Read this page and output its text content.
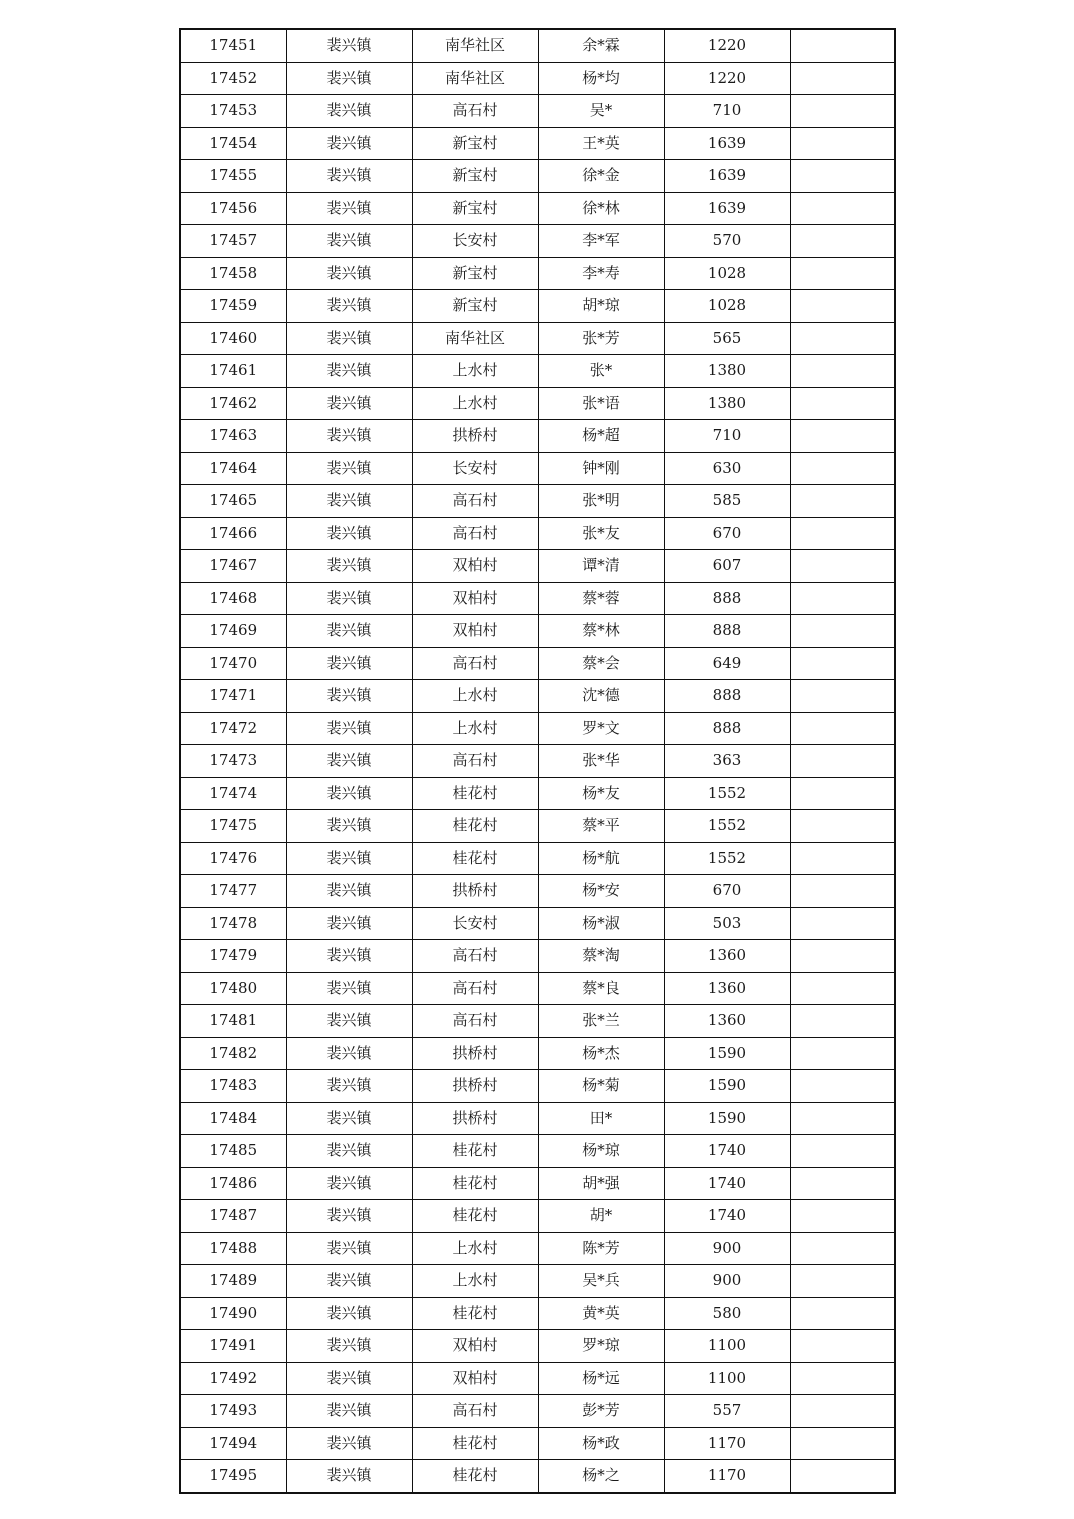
17451	裴兴镇	南华社区	余*霖	1220	
17452	裴兴镇	南华社区	杨*均	1220	
17453	裴兴镇	高石村	吴*	710	
17454	裴兴镇	新宝村	王*英	1639	
17455	裴兴镇	新宝村	徐*金	1639	
17456	裴兴镇	新宝村	徐*林	1639	
17457	裴兴镇	长安村	李*军	570	
17458	裴兴镇	新宝村	李*寿	1028	
17459	裴兴镇	新宝村	胡*琼	1028	
17460	裴兴镇	南华社区	张*芳	565	
17461	裴兴镇	上水村	张*	1380	
17462	裴兴镇	上水村	张*语	1380	
17463	裴兴镇	拱桥村	杨*超	710	
17464	裴兴镇	长安村	钟*刚	630	
17465	裴兴镇	高石村	张*明	585	
17466	裴兴镇	高石村	张*友	670	
17467	裴兴镇	双柏村	谭*清	607	
17468	裴兴镇	双柏村	蔡*蓉	888	
17469	裴兴镇	双柏村	蔡*林	888	
17470	裴兴镇	高石村	蔡*会	649	
17471	裴兴镇	上水村	沈*德	888	
17472	裴兴镇	上水村	罗*文	888	
17473	裴兴镇	高石村	张*华	363	
17474	裴兴镇	桂花村	杨*友	1552	
17475	裴兴镇	桂花村	蔡*平	1552	
17476	裴兴镇	桂花村	杨*航	1552	
17477	裴兴镇	拱桥村	杨*安	670	
17478	裴兴镇	长安村	杨*淑	503	
17479	裴兴镇	高石村	蔡*淘	1360	
17480	裴兴镇	高石村	蔡*良	1360	
17481	裴兴镇	高石村	张*兰	1360	
17482	裴兴镇	拱桥村	杨*杰	1590	
17483	裴兴镇	拱桥村	杨*菊	1590	
17484	裴兴镇	拱桥村	田*	1590	
17485	裴兴镇	桂花村	杨*琼	1740	
17486	裴兴镇	桂花村	胡*强	1740	
17487	裴兴镇	桂花村	胡*	1740	
17488	裴兴镇	上水村	陈*芳	900	
17489	裴兴镇	上水村	吴*兵	900	
17490	裴兴镇	桂花村	黄*英	580	
17491	裴兴镇	双柏村	罗*琼	1100	
17492	裴兴镇	双柏村	杨*远	1100	
17493	裴兴镇	高石村	彭*芳	557	
17494	裴兴镇	桂花村	杨*政	1170	
17495	裴兴镇	桂花村	杨*之	1170	
